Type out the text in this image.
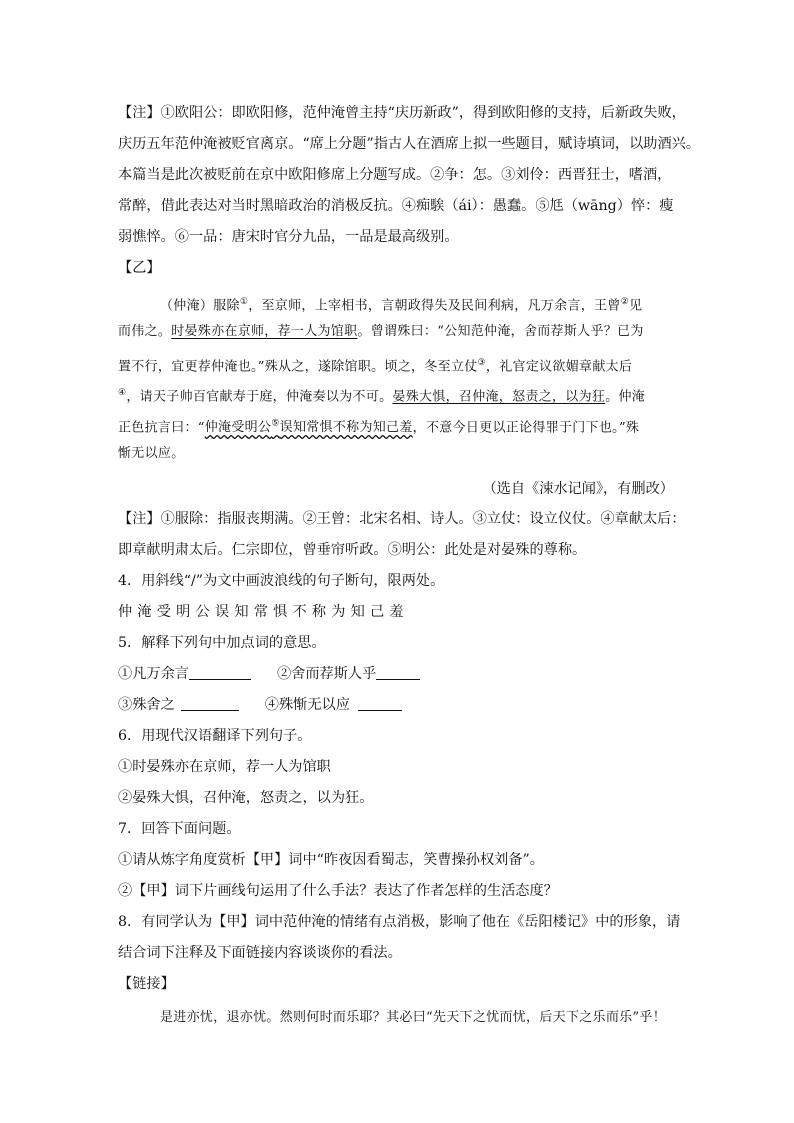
【注】①欧阳公：即欧阳修，范仲淹曾主持“庆历新政”，得到欧阳修的支持，后新政失败，
庆历五年范仲淹被贬官离京。“席上分题”指古人在酒席上拟一些题目，赋诗填词，以助酒兴。
本篇当是此次被贬前在京中欧阳修席上分题写成。②争：怎。③刘伶：西晋狂士，嗜酒，
常醉，借此表达对当时黑暗政治的消极反抗。④痴騃（ái）：愚蠢。⑤尪（wāng）悴：瘦
弱憔悴。⑥一品：唐宋时官分九品，一品是最高级别。
【乙】
（仲淹）服除①，至京师，上宰相书，言朝政得失及民间利病，凡万余言，王曾②见
而伟之。时晏殊亦在京师，荐一人为馆职。曾谓殊曰：“公知范仲淹，舍而荐斯人乎？已为
置不行，宜更荐仲淹也。”殊从之，遂除馆职。顷之，冬至立仗③，礼官定议欲媚章献太后
④，请天子帅百官献寿于庭，仲淹奏以为不可。晏殊大惧，召仲淹，怒责之，以为狂。仲淹
正色抗言曰：“仲淹受明公⑤误知常惧不称为知己羞，不意今日更以正论得罪于门下也。”殊
惭无以应。
（选自《涑水记闻》，有删改）
【注】①服除：指服丧期满。②王曾：北宋名相、诗人。③立仗：设立仪仗。④章献太后：
即章献明肃太后。仁宗即位，曾垂帘听政。⑤明公：此处是对晏殊的尊称。
4．用斜线“/”为文中画波浪线的句子断句，限两处。
仲淹受明公误知常惧不称为知己羞
5．解释下列句中加点词的意思。
①凡万余言	②舍而荐斯人乎
③殊舍之	④殊惭无以应
6．用现代汉语翻译下列句子。
①时晏殊亦在京师，荐一人为馆职
②晏殊大惧，召仲淹，怒责之，以为狂。
7．回答下面问题。
①请从炼字角度赏析【甲】词中“昨夜因看蜀志，笑曹操孙权刘备”。
②【甲】词下片画线句运用了什么手法？表达了作者怎样的生活态度？
8．有同学认为【甲】词中范仲淹的情绪有点消极，影响了他在《岳阳楼记》中的形象，请
结合词下注释及下面链接内容谈谈你的看法。
【链接】
是进亦忧，退亦忧。然则何时而乐耶？其必曰“先天下之忧而忧，后天下之乐而乐”乎！
